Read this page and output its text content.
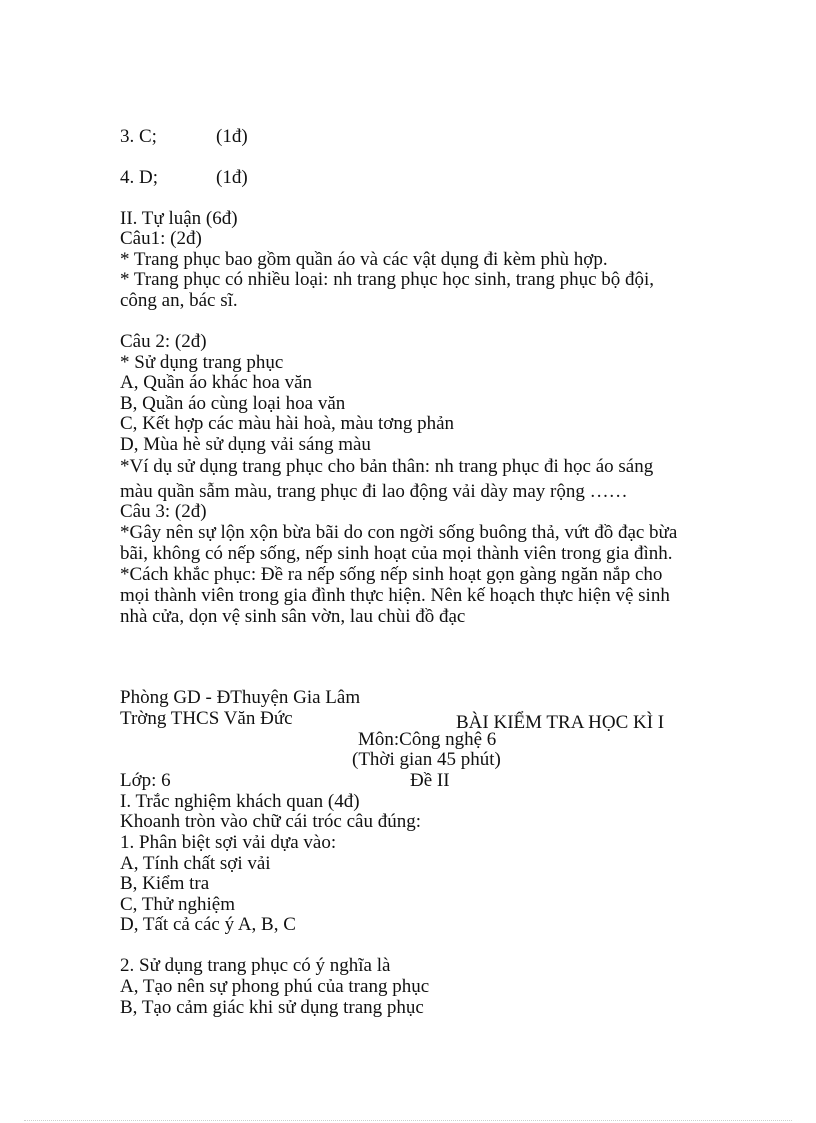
3. C;	(1đ)
4. D;	(1đ)
II. Tự luận (6đ)
Câu1: (2đ)
* Trang phục bao gồm quần áo và các vật dụng đi kèm phù hợp.
* Trang phục có nhiều loại: nh trang phục học sinh, trang phục bộ đội,
công an, bác sĩ.
Câu 2: (2đ)
* Sử dụng trang phục
A, Quần áo khác hoa văn
B, Quần áo cùng loại hoa văn
C, Kết hợp các màu hài hoà, màu tơng phản
D, Mùa hè sử dụng vải sáng màu
*Ví dụ sử dụng trang phục cho bản thân: nh trang phục đi học áo sáng
màu quần sẫm màu, trang phục đi lao động vải dày may rộng ……
Câu 3: (2đ)
*Gây nên sự lộn xộn bừa bãi do con ngời sống buông thả, vứt đồ đạc bừa
bãi, không có nếp sống, nếp sinh hoạt của mọi thành viên trong gia đình.
*Cách khắc phục: Đề ra nếp sống nếp sinh hoạt gọn gàng ngăn nắp cho
mọi thành viên trong gia đình thực hiện. Nên kế hoạch thực hiện vệ sinh
nhà cửa, dọn vệ sinh sân vờn, lau chùi đồ đạc
Phòng GD - ĐThuyện Gia Lâm
Trờng THCS Văn Đức	BÀI KIỂM TRA HỌC KÌ I
Môn:Công nghệ 6
(Thời gian 45 phút)
Lớp: 6	Đề II
I. Trắc nghiệm khách quan (4đ)
Khoanh tròn vào chữ cái tróc câu đúng:
1. Phân biệt sợi vải dựa vào:
A, Tính chất sợi vải
B, Kiểm tra
C, Thử nghiệm
D, Tất cả các ý A, B, C
2. Sử dụng trang phục có ý nghĩa là
A, Tạo nên sự phong phú của trang phục
B, Tạo cảm giác khi sử dụng trang phục
